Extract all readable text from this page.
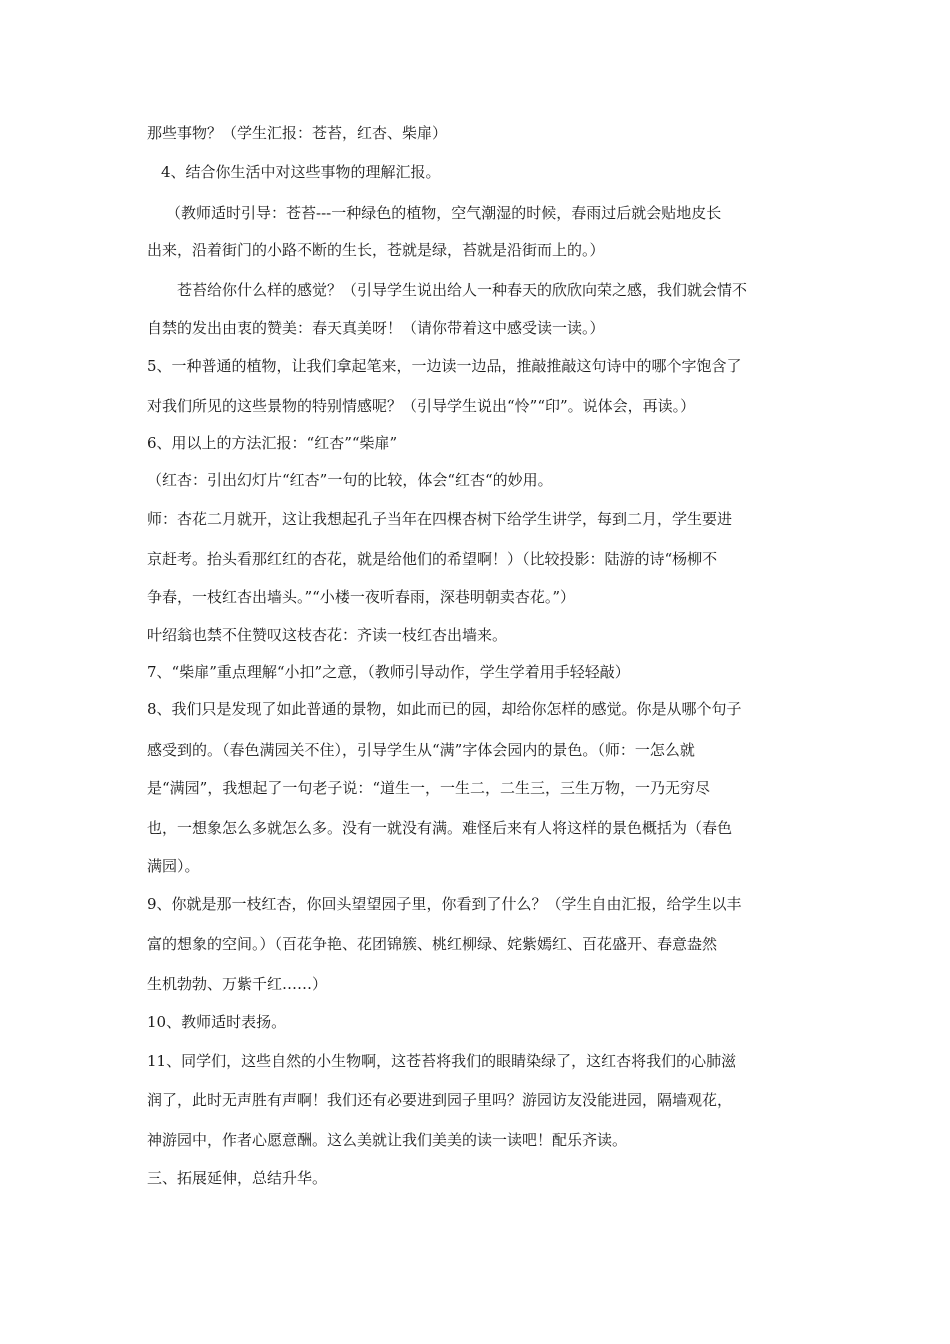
那些事物？（学生汇报：苍苔，红杏、柴扉）

4、结合你生活中对这些事物的理解汇报。

（教师适时引导：苍苔---一种绿色的植物，空气潮湿的时候，春雨过后就会贴地皮长

出来，沿着街门的小路不断的生长，苍就是绿，苔就是沿街而上的。）

苍苔给你什么样的感觉？（引导学生说出给人一种春天的欣欣向荣之感，我们就会情不

自禁的发出由衷的赞美：春天真美呀！（请你带着这中感受读一读。）

5、一种普通的植物，让我们拿起笔来，一边读一边品，推敲推敲这句诗中的哪个字饱含了

对我们所见的这些景物的特别情感呢？（引导学生说出“怜”“印”。说体会，再读。）

6、用以上的方法汇报：“红杏”“柴扉”

（红杏：引出幻灯片“红杏”一句的比较，体会“红杏“的妙用。

师：杏花二月就开，这让我想起孔子当年在四棵杏树下给学生讲学，每到二月，学生要进

京赶考。抬头看那红红的杏花，就是给他们的希望啊！）（比较投影：陆游的诗“杨柳不

争春，一枝红杏出墙头。”“小楼一夜听春雨，深巷明朝卖杏花。”）

叶绍翁也禁不住赞叹这枝杏花：齐读一枝红杏出墙来。

7、“柴扉”重点理解“小扣”之意，（教师引导动作，学生学着用手轻轻敲）

8、我们只是发现了如此普通的景物，如此而已的园，却给你怎样的感觉。你是从哪个句子

感受到的。（春色满园关不住），引导学生从“满”字体会园内的景色。（师：一怎么就

是“满园”，我想起了一句老子说：“道生一，一生二，二生三，三生万物，一乃无穷尽

也，一想象怎么多就怎么多。没有一就没有满。难怪后来有人将这样的景色概括为（春色

满园）。

9、你就是那一枝红杏，你回头望望园子里，你看到了什么？（学生自由汇报，给学生以丰

富的想象的空间。）（百花争艳、花团锦簇、桃红柳绿、姹紫嫣红、百花盛开、春意盎然

生机勃勃、万紫千红……）

10、教师适时表扬。

11、同学们，这些自然的小生物啊，这苍苔将我们的眼睛染绿了，这红杏将我们的心肺滋

润了，此时无声胜有声啊！我们还有必要进到园子里吗？游园访友没能进园，隔墙观花，

神游园中，作者心愿意酬。这么美就让我们美美的读一读吧！配乐齐读。

三、拓展延伸，总结升华。
